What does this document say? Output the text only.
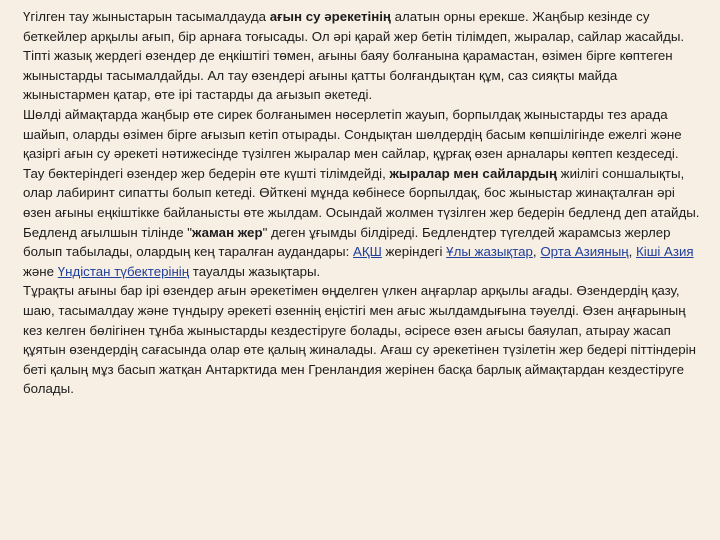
Үгілген тау жыныстарын тасымалдауда ағын су әрекетінің алатын орны ерекше. Жаңбыр кезінде су беткейлер арқылы ағып, бір арнаға тоғысады. Ол әрі қарай жер бетін тілімдеп, жыралар, сайлар жасайды. Тіпті жазық жердегі өзендер де еңкіштігі төмен, ағыны баяу болғанына қарамастан, өзімен бірге көптеген жыныстарды тасымалдайды. Ал тау өзендері ағыны қатты болғандықтан құм, саз сияқты майда жыныстармен қатар, өте ірі тастарды да ағызып әкетеді.

Шөлді аймақтарда жаңбыр өте сирек болғанымен нөсерлетіп жауып, борпылдақ жыныстарды тез арада шайып, оларды өзімен бірге ағызып кетіп отырады. Сондықтан шөлдердің басым көпшілігінде ежелгі және қазіргі ағын су әрекеті нәтижесінде түзілген жыралар мен сайлар, құрғақ өзен арналары көптеп кездеседі. Тау бөктеріндегі өзендер жер бедерін өте күшті тілімдейді, жыралар мен сайлардың жиілігі соншалықты, олар лабиринт сипатты болып кетеді. Өйткені мұнда көбінесе борпылдақ, бос жыныстар жинақталған әрі өзен ағыны еңкіштікке байланысты өте жылдам. Осындай жолмен түзілген жер бедерін бедленд деп атайды. Бедленд ағылшын тілінде "жаман жер" деген ұғымды білдіреді. Бедлендтер түгелдей жарамсыз жерлер болып табылады, олардың кең таралған аудандары: АҚШ жеріндегі Ұлы жазықтар, Орта Азияның, Кіші Азия және Үндістан түбектерінің тауалды жазықтары.

Тұрақты ағыны бар ірі өзендер ағын әрекетімен өңделген үлкен аңғарлар арқылы ағады. Өзендердің қазу, шаю, тасымалдау және түндыру әрекеті өзеннің еңістігі мен ағыс жылдамдығына тәуелді. Өзен аңғарының кез келген бөлігінен тұнба жыныстарды кездестіруге болады, әсіресе өзен ағысы баяулап, атырау жасап құятын өзендердің сағасында олар өте қалың жиналады. Ағаш су әрекетінен түзілетін жер бедері піттіндерін беті қалың мұз басып жатқан Антарктида мен Гренландия жерінен басқа барлық аймақтардан кездестіруге болады.
